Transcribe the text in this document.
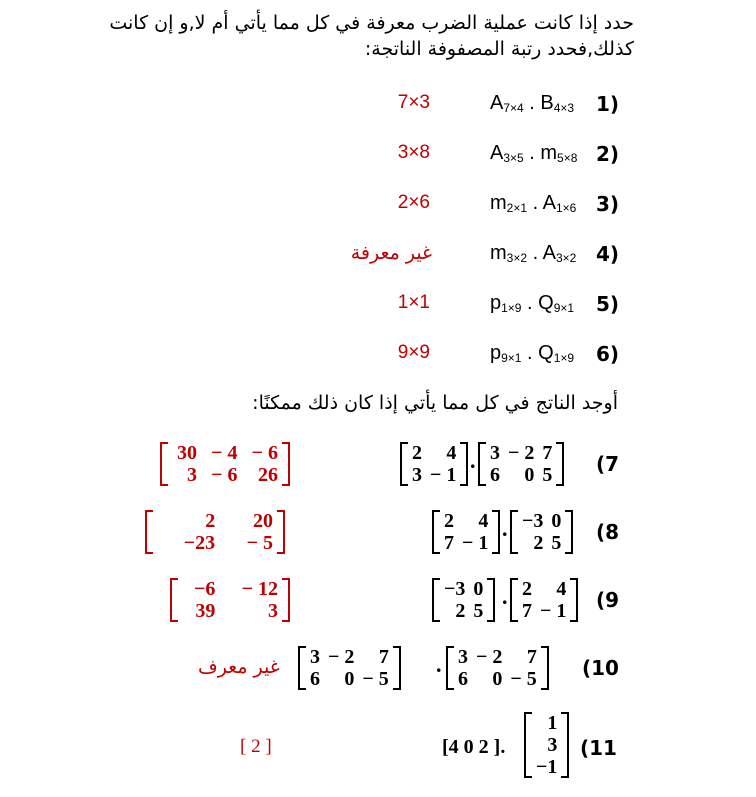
حدد إذا كانت عملية الضرب معرفة في كل مما يأتي أم لا,و إن كانت كذلك,فحدد رتبة المصفوفة الناتجة:
1)
$A_{7\times 4}$ . $B_{4\times 3}$
7×3
2)
$A_{3\times 5}$ . $m_{5\times 8}$
3×8
3)
$m_{2\times 1}$ . $A_{1\times 6}$
2×6
4)
$m_{3\times 2}$ . $A_{3\times 2}$
غير معرفة
5)
$p_{1\times 9}$ . $Q_{9\times 1}$
1×1
6)
$p_{9\times 1}$ . $Q_{1\times 9}$
9×9
أوجد الناتج في كل مما يأتي إذا كان ذلك ممكنًا:
(7
2	4
3	− 1
3	− 2	7
6	0	5
.
30	− 4	− 6
3	− 6	26
(8
2	4
7	− 1
−3	0
2	5
.
2	20
−23	− 5
(9
−3	0
2	5
2	4
7	− 1
.
−6	− 12
39	3
(10
3	− 2	7
6	0	− 5
3	− 2	7
6	0	− 5
.
غير معرف
(11
1
3
−1
[4 0 2 ].
[ 2 ]
